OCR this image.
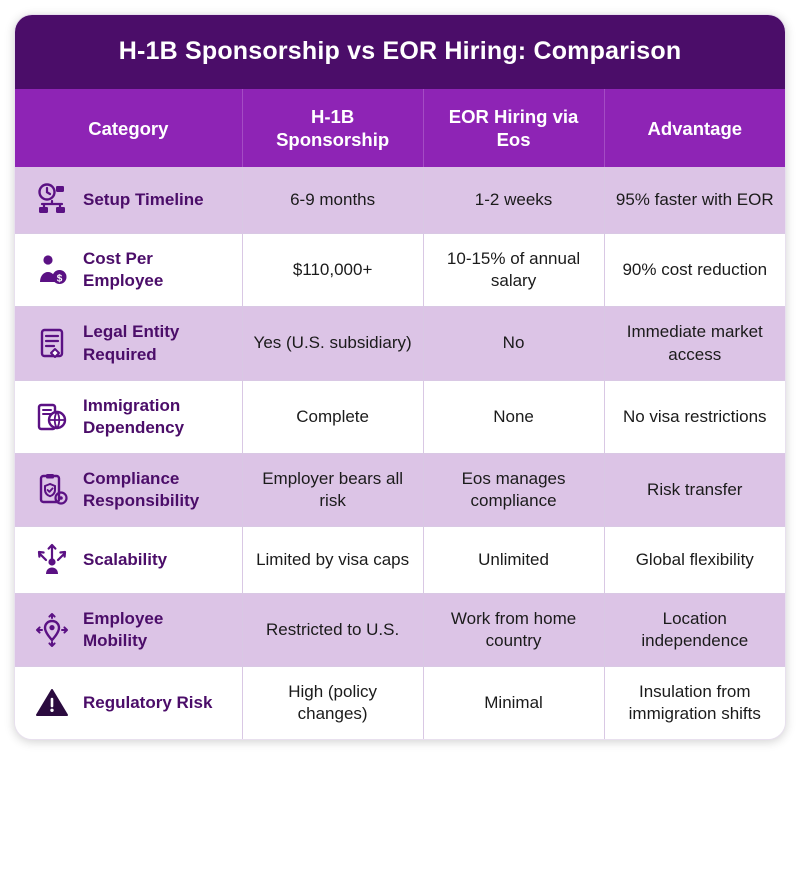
H-1B Sponsorship vs EOR Hiring: Comparison
Category	H-1B Sponsorship	EOR Hiring via Eos	Advantage

Setup Timeline	6-9 months	1-2 weeks	95% faster with EOR

$
Cost Per Employee	$110,000+	10-15% of annual salary	90% cost reduction

Legal Entity Required	Yes (U.S. subsidiary)	No	Immediate market access

Immigration Dependency	Complete	None	No visa restrictions

Compliance Responsibility	Employer bears all risk	Eos manages compliance	Risk transfer

Scalability	Limited by visa caps	Unlimited	Global flexibility

Employee Mobility	Restricted to U.S.	Work from home country	Location independence

Regulatory Risk	High (policy changes)	Minimal	Insulation from immigration shifts
